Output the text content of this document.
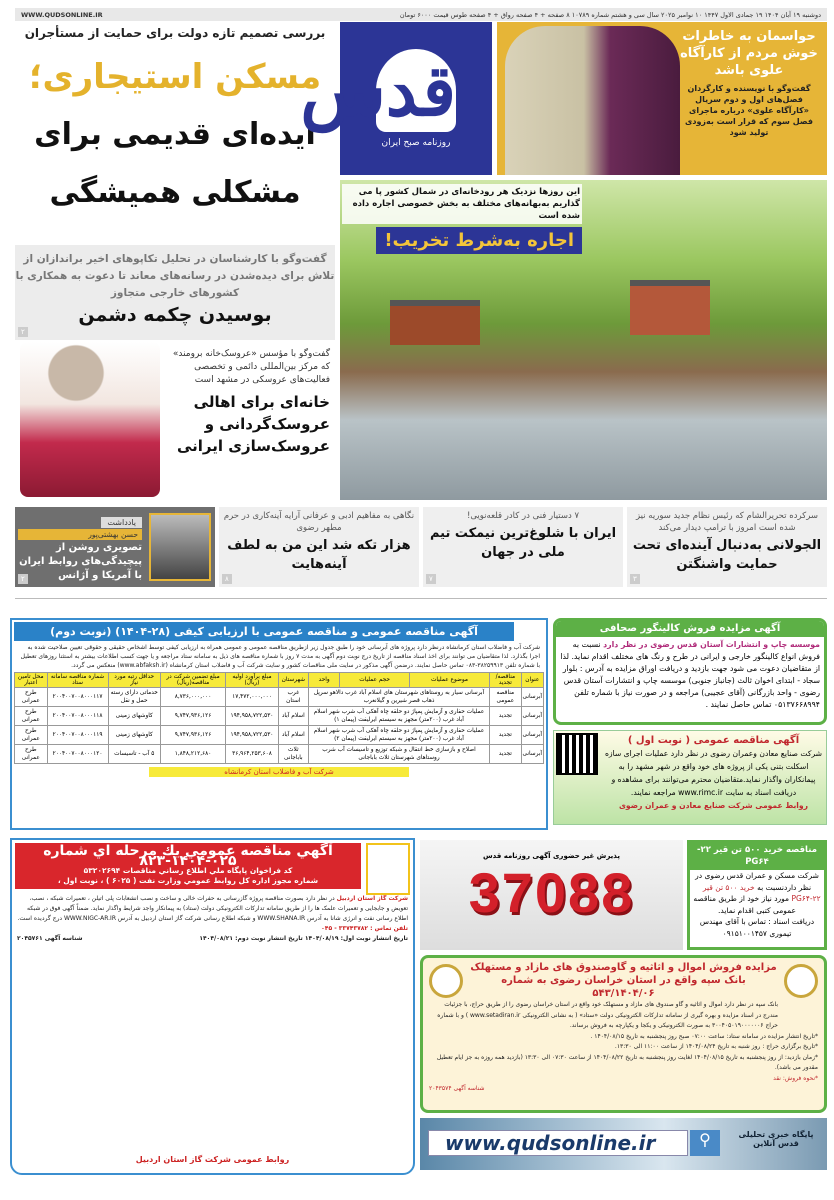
دوشنبه ۱۹ آبان ۱۴۰۴ ۱۹ جمادی الاول ۱۴۴۷ ۱۰ نوامبر ۲۰۲۵ سال سی و هشتم شماره ۱۰۷۸۹ ۸ صفحه + ۴ صفحه رواق + ۴ صفحه طوس قیمت ۶۰۰۰ تومان
WWW.QUDSONLINE.IR
بررسی تصمیم تازه دولت برای حمایت از مستأجران
مسکن استیجاری؛
ایده‌ای قدیمی برای
مشکلی همیشگی
قدس
روزنامه صبح ایران
حواسمان به خاطرات خوش مردم از کارآگاه علوی باشد
گفت‌وگو با نویسنده و کارگردان فصل‌های اول و دوم سریال «کارآگاه علوی» درباره ماجرای فصل سوم که قرار است به‌زودی تولید شود
این روزها نزدیک هر رودخانه‌ای در شمال کشور پا می گذاریم به‌بهانه‌های مختلف به بخش خصوصی اجاره داده شده است
اجاره به‌شرط تخریب!
گفت‌وگو با کارشناسان در تحلیل تکاپوهای اخیر براندازان از تلاش برای دیده‌شدن در رسانه‌های معاند تا دعوت به همکاری با کشورهای خارجی متجاوز
بوسیدن چکمه دشمن
۲
گفت‌وگو با مؤسس «عروسک‌خانه برومند» که مرکز بین‌المللی دائمی و تخصصی فعالیت‌های عروسکی در مشهد است
خانه‌ای برای اهالی عروسک‌گردانی و عروسک‌سازی ایرانی
سرکرده تحریرالشام که رئیس نظام جدید سوریه نیز شده است امروز با ترامپ دیدار می‌کند
الجولانی به‌دنبال آینده‌ای تحت حمایت واشنگتن
۳
۷ دستیار فنی در کادر قلعه‌نویی!
ایران با شلوغ‌ترین نیمکت تیم ملی در جهان
۷
نگاهی به مفاهیم ادبی و عرفانی آرایه آینه‌کاری در حرم مطهر رضوی
هزار تکه شد این من به لطف آینه‌هایت
۸
یادداشت
حسن بهشتی‌پور
تصویری روشن از پیچیدگی‌های روابط ایران با آمریکا و آژانس
۲
آگهی مناقصه عمومی و مناقصه عمومی با ارزیابی کیفی (۲۸-۱۴۰۴) (نوبت دوم)
شرکت آب و فاضلاب استان کرمانشاه درنظر دارد پروژه های آبرسانی خود را طبق جدول زیر ازطریق مناقصه عمومی و عمومی همراه به ارزیابی کیفی توسط اشخاص حقیقی و حقوقی تعیین صلاحیت شده به اجرا بگذارد. لذا متقاضیان می توانند برای اخذ اسناد مناقصه از تاریخ درج نوبت دوم آگهی به مدت ۷ روز با شماره مناقصه های ذیل به سامانه ستاد مراجعه و یا جهت کسب اطلاعات بیشتر به استثنا روزهای تعطیل با شماره تلفن ۳۸۲۵۹۹۱۳-۰۸۳ تماس حاصل نمایند. درضمن آگهی مذکور در سایت ملی مناقصات کشور و سایت شرکت آب و فاضلاب استان کرمانشاه (www.abfaksh.ir) منعکس می گردد.
عنوان	مناقصه/تجدید	موضوع عملیات	حجم عملیات	واحد	شهرستان	مبلغ برآورد اولیه (ریال)	مبلغ تضمین شرکت در مناقصه(ریال)	حداقل رتبه مورد نیاز	شماره مناقصه سامانه ستاد	محل تامین اعتبار
آبرسانی	مناقصه عمومی	آبرسانی سیار به روستاهای شهرستان های اسلام آباد غرب دالاهو سرپل ذهاب قصر شیرین و گیلانغرب			غرب استان	۱۷,۴۷۲,۰۰۰,۰۰۰	۸,۷۳۶,۰۰۰,۰۰۰	خدماتی دارای رسته حمل و نقل	۲۰۰۴۰۰۷۰۰۸۰۰۰۱۱۷	طرح عمرانی
آبرسانی	تجدید	عملیات حفاری و آزمایش پمپاژ دو حلقه چاه آهکی آب شرب شهر اسلام آباد غرب (۲۰۰متر) مجهز به سیستم ایرلیفت (پیمان ۱)			اسلام آباد	۱۹۴,۹۵۸,۷۲۲,۵۳۰	۹,۷۴۷,۹۳۶,۱۲۶	کاوشهای زمینی	۲۰۰۴۰۰۷۰۰۸۰۰۰۱۱۸	طرح عمرانی
آبرسانی	تجدید	عملیات حفاری و آزمایش پمپاژ دو حلقه چاه آهکی آب شرب شهر اسلام آباد غرب (۲۰۰متر) مجهز به سیستم ایرلیفت (پیمان ۲)			اسلام آباد	۱۹۴,۹۵۸,۷۲۲,۵۳۰	۹,۷۴۷,۹۳۶,۱۲۶	کاوشهای زمینی	۲۰۰۴۰۰۷۰۰۸۰۰۰۱۱۹	طرح عمرانی
آبرسانی	تجدید	اصلاح و بازسازی خط انتقال و شبکه توزیع و تاسیسات آب شرب روستاهای شهرستان ثلاث باباجانی			ثلاث باباجانی	۳۶,۹۶۴,۲۵۳,۶۰۸	۱,۸۴۸,۲۱۲,۶۸۰	۵ آب - تاسیسات	۲۰۰۴۰۰۷۰۰۸۰۰۰۱۲۰	طرح عمرانی
شرکت آب و فاضلاب استان کرمانشاه
آگهی مزایده فروش کالینگور صحافی
موسسه چاپ و انتشارات آستان قدس رضوی در نظر دارد نسبت به فروش انواع کالینگور خارجی و ایرانی در طرح و رنگ های مختلف اقدام نماید. لذا از متقاضیان دعوت می شود جهت بازدید و دریافت اوراق مزایده به آدرس : بلوار سجاد - ابتدای اخوان ثالث (جانباز جنوبی) موسسه چاپ و انتشارات آستان قدس رضوی - واحد بازرگانی (آقای عجیبی) مراجعه و در صورت نیاز با شماره تلفن ۰۵۱۳۷۶۶۸۹۹۴ تماس حاصل نمایند .
آگهی مناقصه عمومی ( نوبت اول )
شرکت صنایع معادن وعمران رضوی در نظر دارد عملیات اجرای سازه اسکلت بتنی یکی از پروژه های خود واقع در شهر مشهد را به پیمانکاران واگذار نماید.متقاضیان محترم می‌توانند برای مشاهده و دریافت اسناد به سایت www.rimc.ir مراجعه نمایند.
روابط عمومی شرکت صنایع معادن و عمران رضوی
آگهي مناقصه عمومي يك مرحله اي شماره ۰۲۵-۱۴۰۴-۸۲۳
كد فراخوان پايگاه ملي اطلاع رساني مناقصات ۵۳۲۰۲۶۹۴
شماره مجوز اداره كل روابط عمومي وزارت نفت ( ۶۰۲۵ ) ، نوبت اول ،
شرکت گاز استان اردبیل در نظر دارد بصورت مناقصه پروژه گازرسانی به حفرات خالی و ساخت و نصب انشعابات پلی اتیلن ، تعمیرات شبکه ، نصب، تعویض و جابجایی و تعمیرات علمک ها را از طریق سامانه تدارکات الکترونیکی دولت (ستاد) به پیمانکار واجد شرایط واگذار نماید. ضمناً آگهی فوق در شبکه اطلاع رسانی نفت و انرژی شانا به آدرس WWW.SHANA.IR و شبکه اطلاع رسانی شرکت گاز استان اردبیل به آدرس WWW.NIGC-AR.IR درج گردیده است.
تلفن تماس : ۳۳۷۴۳۷۸۲ - ۰۴۵
تاریخ انتشار نوبت اول: ۱۴۰۴/۰۸/۱۹ تاریخ انتشار نوبت دوم: ۱۴۰۴/۰۸/۲۱
شناسه آگهی ۲۰۴۵۷۶۱
روابط عمومی شرکت گاز استان اردبیل
پذیرش غیر حضوری آگهی روزنامه قدس
37088
مناقصه خرید ۵۰۰ تن قیر ۲۲-PG۶۴
شرکت مسکن و عمران قدس رضوی در نظر داردنسبت به خرید ۵۰۰ تن قیر PG۶۴-۲۲ مورد نیاز خود از طریق مناقصه عمومی کتبی اقدام نماید.
دریافت اسناد : تماس با آقای مهندس تیموری ۰۹۱۵۱۰۰۱۴۵۷
مزایده فروش اموال و اثاثیه و گاوصندوق های مازاد و مستهلک بانک سپه واقع در استان خراسان رضوی به شماره ۵۴۳/۱۴۰۴/۰۶
بانک سپه در نظر دارد اموال و اثاثیه و گاو صندوق های مازاد و مستهلک خود واقع در استان خراسان رضوی را از طریق حراج، با جزئیات مندرج در اسناد مزایده و بهره گیری از سامانه تدارکات الکترونیکی دولت «ستاد» ( به نشانی الکترونیکی www.setadiran.ir ) و با شماره حراج ۳۰۰۴۰۵۰۱۹۰۰۰۰۰۰۶ به صورت الکترونیکی و یکجا و یکپارچه به فروش برساند.
*تاریخ انتشار مزایده در سامانه ستاد: ساعت ۰۷:۰۰ صبح روز پنجشنبه به تاریخ ۱۴۰۴/۰۸/۱۵ .
*تاریخ برگزاری حراج : روز شنبه به تاریخ ۱۴۰۴/۰۸/۲۴ از ساعت ۱۱:۰۰ الی ۱۳:۳۰.
*زمان بازدید: از روز پنجشنبه به تاریخ ۱۴۰۴/۰۸/۱۵ لغایت روز پنجشنبه به تاریخ ۱۴۰۴/۰۸/۲۲ از ساعت ۰۷:۳۰ الی ۱۳:۳۰ (بازدید همه روزه به جز ایام تعطیل مقدور می باشد).
*نحوه فروش: نقد
شناسه آگهی ۲۰۴۳۵۷۴
www.qudsonline.ir	⚲	پایگاه خبری تحلیلی قدس آنلاین
